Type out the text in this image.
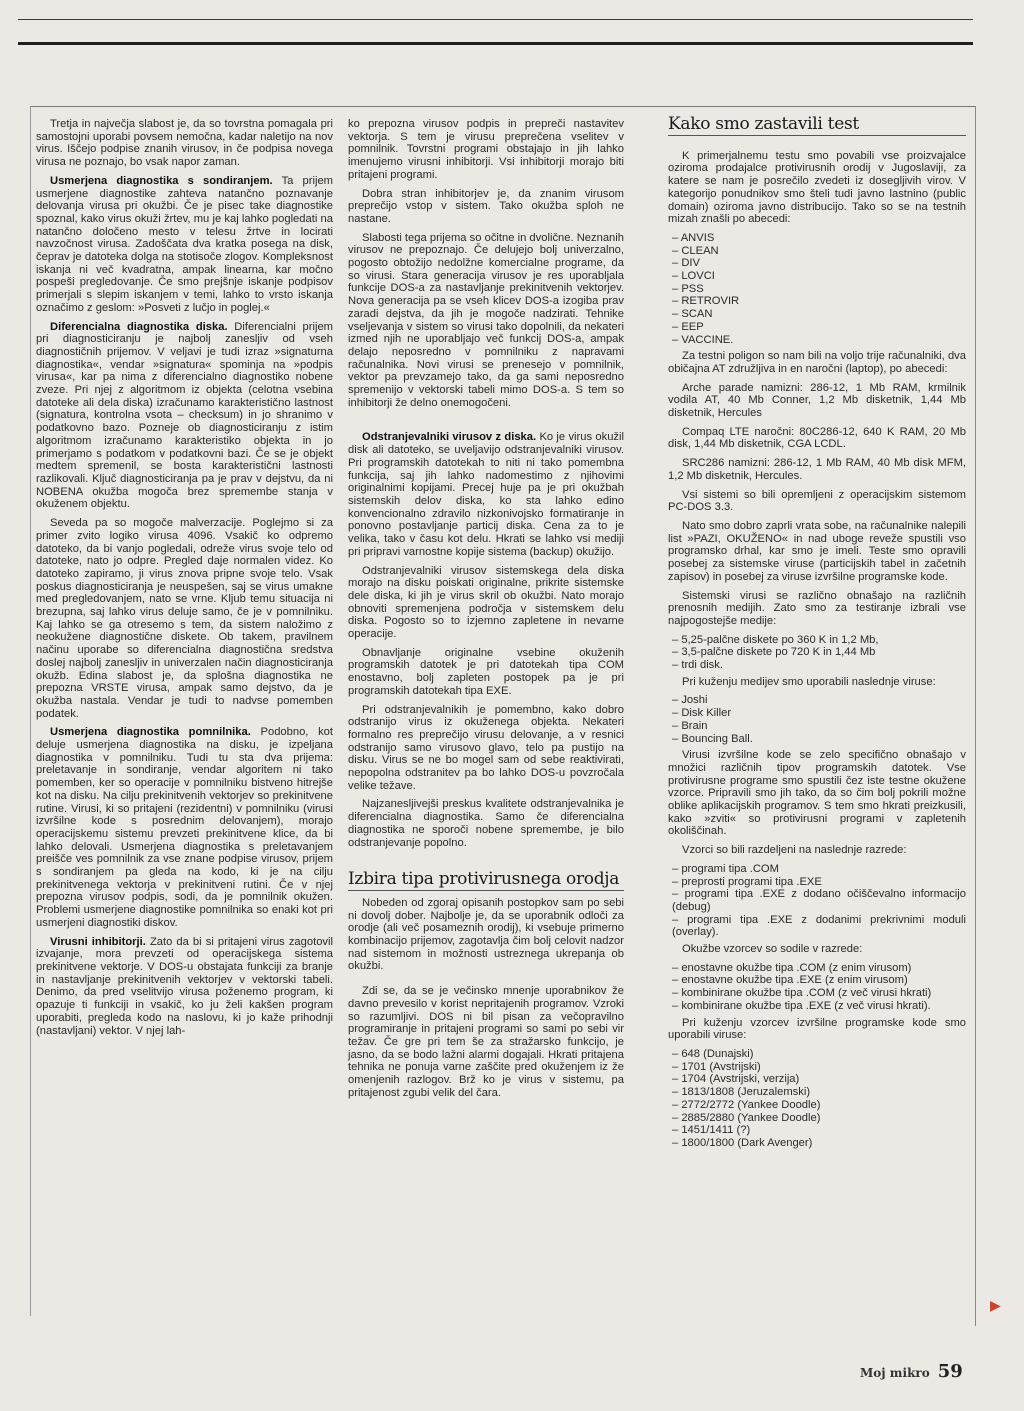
Tretja in največja slabost je, da so tovrstna pomagala pri samostojni uporabi povsem nemočna, kadar naletijo na nov virus. Iščejo podpise znanih virusov, in če podpisa novega virusa ne poznajo, bo vsak napor zaman.

Usmerjena diagnostika s sondiranjem. Ta prijem usmerjene diagnostike zahteva natančno poznavanje delovanja virusa pri okužbi. Če je pisec take diagnostike spoznal, kako virus okuži žrtev, mu je kaj lahko pogledati na natančno določeno mesto v telesu žrtve in locirati navzočnost virusa. Zadoščata dva kratka posega na disk, čeprav je datoteka dolga na stotisoče zlogov. Kompleksnost iskanja ni več kvadratna, ampak linearna, kar močno pospeši pregledovanje. Če smo prejšnje iskanje podpisov primerjali s slepim iskanjem v temi, lahko to vrsto iskanja označimo z geslom: »Posveti z lučjo in poglej.«

Diferencialna diagnostika diska. Diferencialni prijem pri diagnosticiranju je najbolj zanesljiv od vseh diagnostičnih prijemov. V veljavi je tudi izraz »signaturna diagnostika«, vendar »signatura« spominja na »podpis virusa«, kar pa nima z diferencialno diagnostiko nobene zveze. Pri njej z algoritmom iz objekta (celotna vsebina datoteke ali dela diska) izračunamo karakteristično lastnost (signatura, kontrolna vsota – checksum) in jo shranimo v podatkovno bazo. Pozneje ob diagnosticiranju z istim algoritmom izračunamo karakteristiko objekta in jo primerjamo s podatkom v podatkovni bazi. Če se je objekt medtem spremenil, se bosta karakteristični lastnosti razlikovali. Ključ diagnosticiranja pa je prav v dejstvu, da ni NOBENA okužba mogoča brez spremembe stanja v okuženem objektu.

Seveda pa so mogoče malverzacije. Poglejmo si za primer zvito logiko virusa 4096. Vsakič ko odpremo datoteko, da bi vanjo pogledali, odreže virus svoje telo od datoteke, nato jo odpre. Pregled daje normalen videz. Ko datoteko zapiramo, ji virus znova pripne svoje telo. Vsak poskus diagnosticiranja je neuspešen, saj se virus umakne med pregledovanjem, nato se vrne. Kljub temu situacija ni brezupna, saj lahko virus deluje samo, če je v pomnilniku. Kaj lahko se ga otresemo s tem, da sistem naložimo z neokužene diagnostične diskete. Ob takem, pravilnem načinu uporabe so diferencialna diagnostična sredstva doslej najbolj zanesljiv in univerzalen način diagnosticiranja okužb. Edina slabost je, da splošna diagnostika ne prepozna VRSTE virusa, ampak samo dejstvo, da je okužba nastala. Vendar je tudi to nadvse pomemben podatek.

Usmerjena diagnostika pomnilnika. Podobno, kot deluje usmerjena diagnostika na disku, je izpeljana diagnostika v pomnilniku. Tudi tu sta dva prijema: preletavanje in sondiranje, vendar algoritem ni tako pomemben, ker so operacije v pomnilniku bistveno hitrejše kot na disku. Na cilju prekinitvenih vektorjev so prekinitvene rutine. Virusi, ki so pritajeni (rezidentni) v pomnilniku (virusi izvršilne kode s posrednim delovanjem), morajo operacijskemu sistemu prevzeti prekinitvene klice, da bi lahko delovali. Usmerjena diagnostika s preletavanjem preišče ves pomnilnik za vse znane podpise virusov, prijem s sondiranjem pa gleda na kodo, ki je na cilju prekinitvenega vektorja v prekinitveni rutini. Če v njej prepozna virusov podpis, sodi, da je pomnilnik okužen. Problemi usmerjene diagnostike pomnilnika so enaki kot pri usmerjeni diagnostiki diskov.

Virusni inhibitorji. Zato da bi si pritajeni virus zagotovil izvajanje, mora prevzeti od operacijskega sistema prekinitvene vektorje. V DOS-u obstajata funkciji za branje in nastavljanje prekinitvenih vektorjev v vektorski tabeli. Denimo, da pred vselitvijo virusa poženemo program, ki opazuje ti funkciji in vsakič, ko ju želi kakšen program uporabiti, pregleda kodo na naslovu, ki jo kaže prihodnji (nastavljani) vektor. V njej lah-

ko prepozna virusov podpis in prepreči nastavitev vektorja. S tem je virusu preprečena vselitev v pomnilnik. Tovrstni programi obstajajo in jih lahko imenujemo virusni inhibitorji. Vsi inhibitorji morajo biti pritajeni programi.

Dobra stran inhibitorjev je, da znanim virusom preprečijo vstop v sistem. Tako okužba sploh ne nastane.

Slabosti tega prijema so očitne in dvolične. Neznanih virusov ne prepoznajo. Če delujejo bolj univerzalno, pogosto obtožijo nedolžne komercialne programe, da so virusi. Stara generacija virusov je res uporabljala funkcije DOS-a za nastavljanje prekinitvenih vektorjev. Nova generacija pa se vseh klicev DOS-a izogiba prav zaradi dejstva, da jih je mogoče nadzirati. Tehnike vseljevanja v sistem so virusi tako dopolnili, da nekateri izmed njih ne uporabljajo več funkcij DOS-a, ampak delajo neposredno v pomnilniku z napravami računalnika. Novi virusi se prenesejo v pomnilnik, vektor pa prevzamejo tako, da ga sami neposredno spremenijo v vektorski tabeli mimo DOS-a. S tem so inhibitorji že delno onemogočeni.

Odstranjevalniki virusov z diska. Ko je virus okužil disk ali datoteko, se uveljavijo odstranjevalniki virusov. Pri programskih datotekah to niti ni tako pomembna funkcija, saj jih lahko nadomestimo z njihovimi originalnimi kopijami. Precej huje pa je pri okužbah sistemskih delov diska, ko sta lahko edino konvencionalno zdravilo nizkonivojsko formatiranje in ponovno postavljanje particij diska. Cena za to je velika, tako v času kot delu. Hkrati se lahko vsi mediji pri pripravi varnostne kopije sistema (backup) okužijo.

Odstranjevalniki virusov sistemskega dela diska morajo na disku poiskati originalne, prikrite sistemske dele diska, ki jih je virus skril ob okužbi. Nato morajo obnoviti spremenjena področja v sistemskem delu diska. Pogosto so to izjemno zapletene in nevarne operacije.

Obnavljanje originalne vsebine okuženih programskih datotek je pri datotekah tipa COM enostavno, bolj zapleten postopek pa je pri programskih datotekah tipa EXE.

Pri odstranjevalnikih je pomembno, kako dobro odstranijo virus iz okuženega objekta. Nekateri formalno res preprečijo virusu delovanje, a v resnici odstranijo samo virusovo glavo, telo pa pustijo na disku. Virus se ne bo mogel sam od sebe reaktivirati, nepopolna odstranitev pa bo lahko DOS-u povzročala velike težave.

Najzanesljivejši preskus kvalitete odstranjevalnika je diferencialna diagnostika. Samo če diferencialna diagnostika ne sporoči nobene spremembe, je bilo odstranjevanje popolno.

Izbira tipa protivirusnega orodja

Nobeden od zgoraj opisanih postopkov sam po sebi ni dovolj dober. Najbolje je, da se uporabnik odloči za orodje (ali več posameznih orodij), ki vsebuje primerno kombinacijo prijemov, zagotavlja čim bolj celovit nadzor nad sistemom in možnosti ustreznega ukrepanja ob okužbi.

Zdi se, da se je večinsko mnenje uporabnikov že davno prevesilo v korist nepritajenih programov. Vzroki so razumljivi. DOS ni bil pisan za večopravilno programiranje in pritajeni programi so sami po sebi vir težav. Če gre pri tem še za stražarsko funkcijo, je jasno, da se bodo lažni alarmi dogajali. Hkrati pritajena tehnika ne ponuja varne zaščite pred okuženjem iz že omenjenih razlogov. Brž ko je virus v sistemu, pa pritajenost zgubi velik del čara.

Kako smo zastavili test

K primerjalnemu testu smo povabili vse proizvajalce oziroma prodajalce protivirusnih orodij v Jugoslaviji, za katere se nam je posrečilo zvedeti iz dosegljivih virov. V kategorijo ponudnikov smo šteli tudi javno lastnino (public domain) oziroma javno distribucijo. Tako so se na testnih mizah znašli po abecedi:

– ANVIS
– CLEAN
– DIV
– LOVCI
– PSS
– RETROVIR
– SCAN
– EEP
– VACCINE.

Za testni poligon so nam bili na voljo trije računalniki, dva običajna AT združljiva in en naročni (laptop), po abecedi:

Arche parade namizni: 286-12, 1 Mb RAM, krmilnik vodila AT, 40 Mb Conner, 1,2 Mb disketnik, 1,44 Mb disketnik, Hercules

Compaq LTE naročni: 80C286-12, 640 K RAM, 20 Mb disk, 1,44 Mb disketnik, CGA LCDL.

SRC286 namizni: 286-12, 1 Mb RAM, 40 Mb disk MFM, 1,2 Mb disketnik, Hercules.

Vsi sistemi so bili opremljeni z operacijskim sistemom PC-DOS 3.3.

Nato smo dobro zaprli vrata sobe, na računalnike nalepili list »PAZI, OKUŽENO« in nad uboge reveže spustili vso programsko drhal, kar smo je imeli. Teste smo opravili posebej za sistemske viruse (particijskih tabel in začetnih zapisov) in posebej za viruse izvršilne programske kode.

Sistemski virusi se različno obnašajo na različnih prenosnih medijih. Zato smo za testiranje izbrali vse najpogostejše medije:

– 5,25-palčne diskete po 360 K in 1,2 Mb,
– 3,5-palčne diskete po 720 K in 1,44 Mb
– trdi disk.

Pri kuženju medijev smo uporabili naslednje viruse:

– Joshi
– Disk Killer
– Brain
– Bouncing Ball.

Virusi izvršilne kode se zelo specifično obnašajo v množici različnih tipov programskih datotek. Vse protivirusne programe smo spustili čez iste testne okužene vzorce. Pripravili smo jih tako, da so čim bolj pokrili možne oblike aplikacijskih programov. S tem smo hkrati preizkusili, kako »zviti« so protivirusni programi v zapletenih okoliščinah.

Vzorci so bili razdeljeni na naslednje razrede:

– programi tipa .COM
– preprosti programi tipa .EXE
– programi tipa .EXE z dodano očiščevalno informacijo (debug)
– programi tipa .EXE z dodanimi prekrivnimi moduli (overlay).

Okužbe vzorcev so sodile v razrede:

– enostavne okužbe tipa .COM (z enim virusom)
– enostavne okužbe tipa .EXE (z enim virusom)
– kombinirane okužbe tipa .COM (z več virusi hkrati)
– kombinirane okužbe tipa .EXE (z več virusi hkrati).

Pri kuženju vzorcev izvršilne programske kode smo uporabili viruse:

– 648 (Dunajski)
– 1701 (Avstrijski)
– 1704 (Avstrijski, verzija)
– 1813/1808 (Jeruzalemski)
– 2772/2772 (Yankee Doodle)
– 2885/2880 (Yankee Doodle)
– 1451/1411 (?)
– 1800/1800 (Dark Avenger)
▶
Moj mikro 59
